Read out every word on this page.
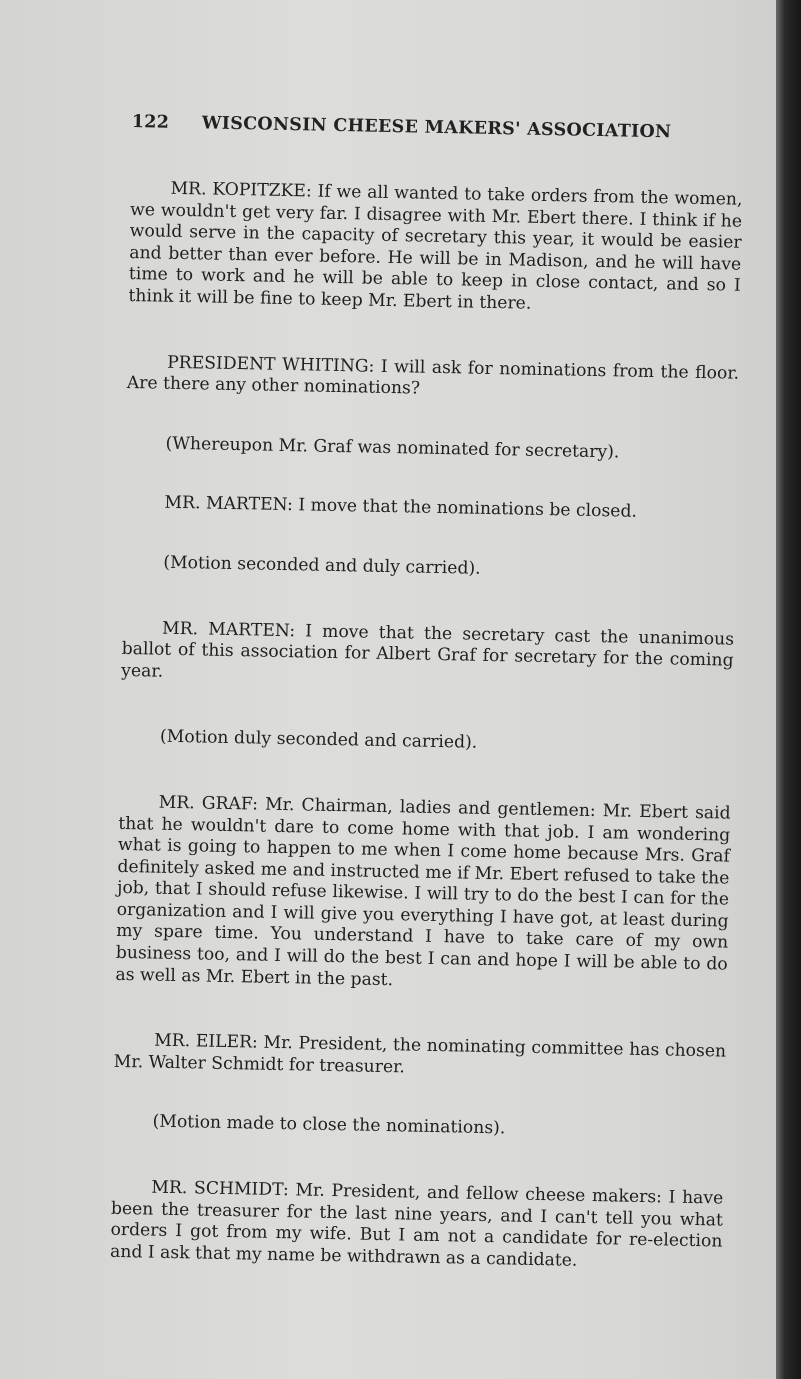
122	WISCONSIN CHEESE MAKERS' ASSOCIATION

MR. KOPITZKE: If we all wanted to take orders from the women, we wouldn't get very far. I disagree with Mr. Ebert there. I think if he would serve in the capacity of secretary this year, it would be easier and better than ever before. He will be in Madison, and he will have time to work and he will be able to keep in close contact, and so I think it will be fine to keep Mr. Ebert in there.

PRESIDENT WHITING: I will ask for nominations from the floor. Are there any other nominations?

(Whereupon Mr. Graf was nominated for secretary).

MR. MARTEN: I move that the nominations be closed.

(Motion seconded and duly carried).

MR. MARTEN: I move that the secretary cast the unanimous ballot of this association for Albert Graf for secretary for the coming year.

(Motion duly seconded and carried).

MR. GRAF: Mr. Chairman, ladies and gentlemen: Mr. Ebert said that he wouldn't dare to come home with that job. I am wondering what is going to happen to me when I come home because Mrs. Graf definitely asked me and instructed me if Mr. Ebert refused to take the job, that I should refuse likewise. I will try to do the best I can for the organization and I will give you everything I have got, at least during my spare time. You understand I have to take care of my own business too, and I will do the best I can and hope I will be able to do as well as Mr. Ebert in the past.

MR. EILER: Mr. President, the nominating committee has chosen Mr. Walter Schmidt for treasurer.

(Motion made to close the nominations).

MR. SCHMIDT: Mr. President, and fellow cheese makers: I have been the treasurer for the last nine years, and I can't tell you what orders I got from my wife. But I am not a candidate for re-election and I ask that my name be withdrawn as a candidate.
